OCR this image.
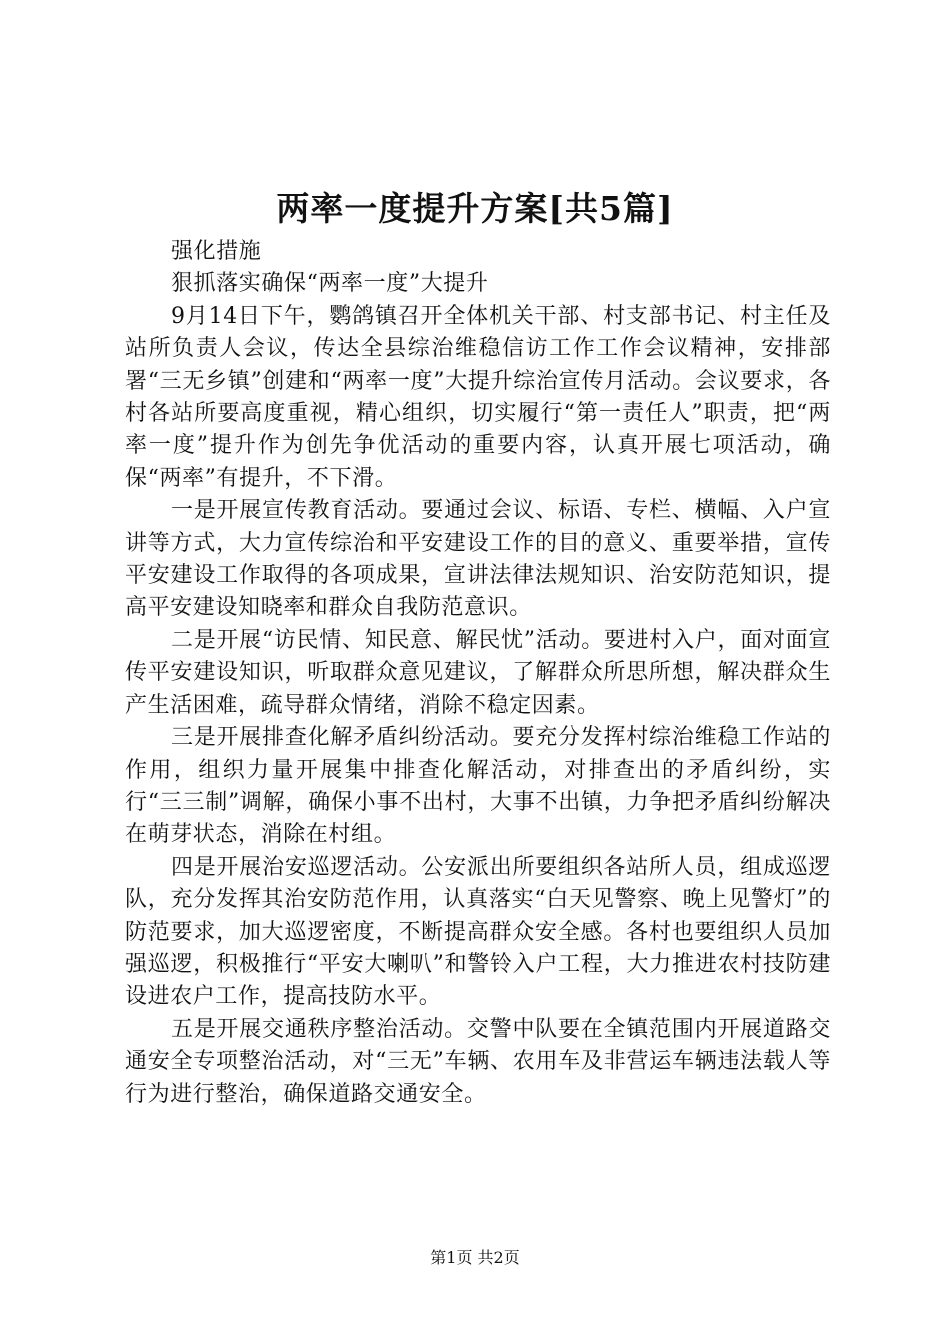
两率一度提升方案[共5篇]

强化措施

狠抓落实确保“两率一度”大提升

9月14日下午，鹦鸽镇召开全体机关干部、村支部书记、村主任及站所负责人会议，传达全县综治维稳信访工作工作会议精神，安排部署“三无乡镇”创建和“两率一度”大提升综治宣传月活动。会议要求，各村各站所要高度重视，精心组织，切实履行“第一责任人”职责，把“两率一度”提升作为创先争优活动的重要内容，认真开展七项活动，确保“两率”有提升，不下滑。

一是开展宣传教育活动。要通过会议、标语、专栏、横幅、入户宣讲等方式，大力宣传综治和平安建设工作的目的意义、重要举措，宣传平安建设工作取得的各项成果，宣讲法律法规知识、治安防范知识，提高平安建设知晓率和群众自我防范意识。

二是开展“访民情、知民意、解民忧”活动。要进村入户，面对面宣传平安建设知识，听取群众意见建议，了解群众所思所想，解决群众生产生活困难，疏导群众情绪，消除不稳定因素。

三是开展排查化解矛盾纠纷活动。要充分发挥村综治维稳工作站的作用，组织力量开展集中排查化解活动，对排查出的矛盾纠纷，实行“三三制”调解，确保小事不出村，大事不出镇，力争把矛盾纠纷解决在萌芽状态，消除在村组。

四是开展治安巡逻活动。公安派出所要组织各站所人员，组成巡逻队，充分发挥其治安防范作用，认真落实“白天见警察、晚上见警灯”的防范要求，加大巡逻密度，不断提高群众安全感。各村也要组织人员加强巡逻，积极推行“平安大喇叭”和警铃入户工程，大力推进农村技防建设进农户工作，提高技防水平。

五是开展交通秩序整治活动。交警中队要在全镇范围内开展道路交通安全专项整治活动，对“三无”车辆、农用车及非营运车辆违法载人等行为进行整治，确保道路交通安全。

第1页 共2页
